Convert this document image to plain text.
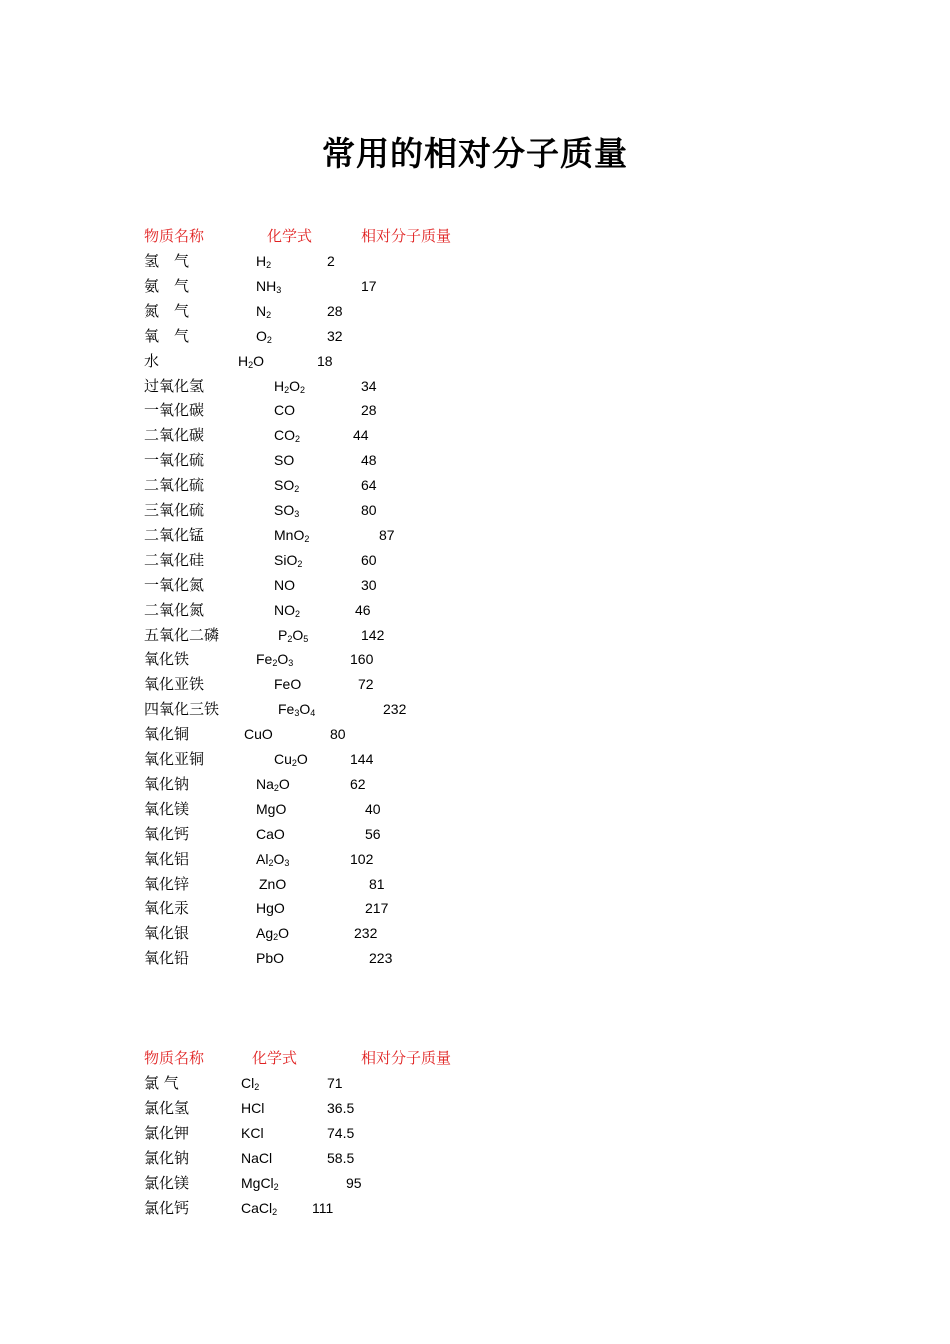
常用的相对分子质量
物质名称	化学式	相对分子质量
氢　气	$H_2$	2
氨　气	$NH_3$	17
氮　气	$N_2$	28
氧　气	$O_2$	32
水	$H_2O$	18
过氧化氢	$H_2O_2$	34
一氧化碳	CO	28
二氧化碳	$CO_2$	44
一氧化硫	SO	48
二氧化硫	$SO_2$	64
三氧化硫	$SO_3$	80
二氧化锰	MnO$_2$	87
二氧化硅	SiO$_2$	60
一氧化氮	NO	30
二氧化氮	$NO_2$	46
五氧化二磷	$P_2O_5$	142
氧化铁	$Fe_2O_3$	160
氧化亚铁	FeO	72
四氧化三铁	$Fe_3O_4$	232
氧化铜	CuO	80
氧化亚铜	$Cu_2O$	144
氧化钠	$Na_2O$	62
氧化镁	MgO	40
氧化钙	CaO	56
氧化铝	$Al_2O_3$	102
氧化锌	ZnO	81
氧化汞	HgO	217
氧化银	$Ag_2O$	232
氧化铅	PbO	223
物质名称	化学式	相对分子质量
氯 气	$Cl_2$	71
氯化氢	HCl	36.5
氯化钾	KCl	74.5
氯化钠	NaCl	58.5
氯化镁	MgCl$_2$	95
氯化钙	CaCl$_2$ 111
